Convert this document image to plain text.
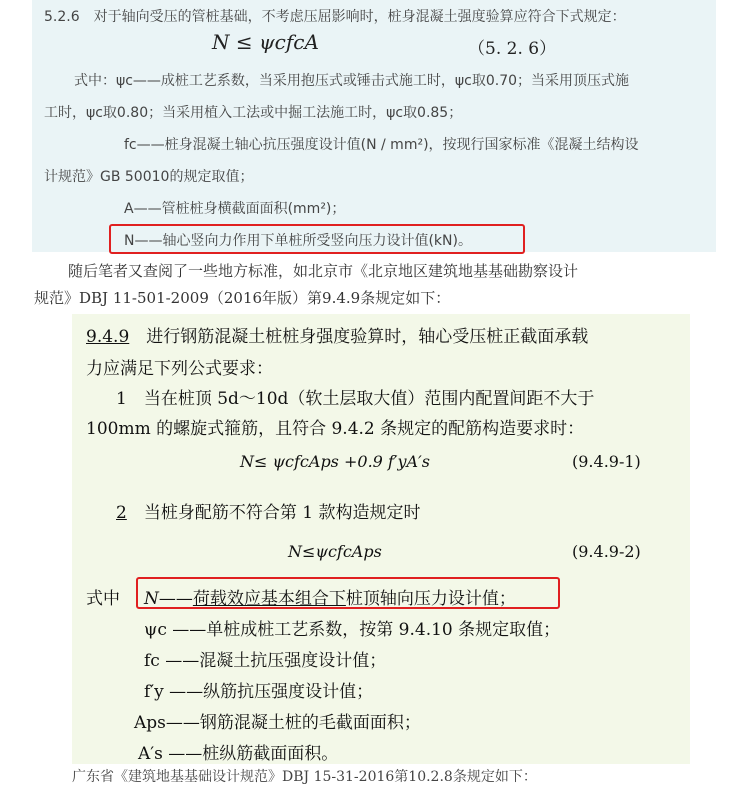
5.2.6　对于轴向受压的管桩基础，不考虑压屈影响时，桩身混凝土强度验算应符合下式规定：
N ≤ ψcfcA	（5. 2. 6）
式中：ψc——成桩工艺系数，当采用抱压式或锤击式施工时，ψc取0.70；当采用顶压式施
工时，ψc取0.80；当采用植入工法或中掘工法施工时，ψc取0.85；
fc——桩身混凝土轴心抗压强度设计值(N / mm²)，按现行国家标准《混凝土结构设
计规范》GB 50010的规定取值；
A——管桩桩身横截面面积(mm²)；
N——轴心竖向力作用下单桩所受竖向压力设计值(kN)。
随后笔者又查阅了一些地方标准，如北京市《北京地区建筑地基基础勘察设计
规范》DBJ 11-501-2009（2016年版）第9.4.9条规定如下：
9.4.9　进行钢筋混凝土桩桩身强度验算时，轴心受压桩正截面承载
力应满足下列公式要求：
1　当在桩顶 5d～10d（软土层取大值）范围内配置间距不大于
100mm 的螺旋式箍筋，且符合 9.4.2 条规定的配筋构造要求时：
N≤ ψcfcAps +0.9 f′yA′s	(9.4.9-1)
2　当桩身配筋不符合第 1 款构造规定时
N≤ψcfcAps	(9.4.9-2)
式中 N——荷载效应基本组合下桩顶轴向压力设计值；
ψc ——单桩成桩工艺系数，按第 9.4.10 条规定取值；
fc ——混凝土抗压强度设计值；
f′y ——纵筋抗压强度设计值；
Aps——钢筋混凝土桩的毛截面面积；
A′s ——桩纵筋截面面积。
广东省《建筑地基基础设计规范》DBJ 15-31-2016第10.2.8条规定如下：
